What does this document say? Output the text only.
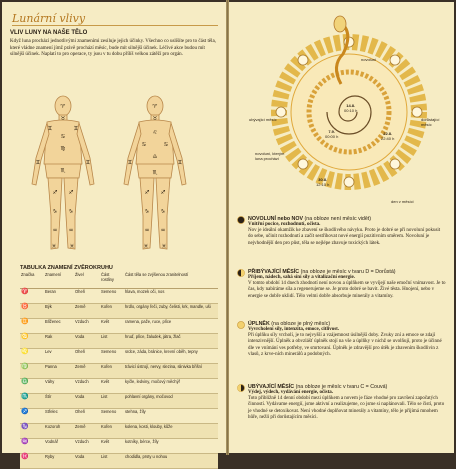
Lunární vlivy
VLIV LUNY NA NAŠE TĚLO

Když luna prochází jednotlivými znameními zesiluje jejich účinky. Všechno co uslíšíte pro to část těla, které vládne znamení jímž právě prochází měsíc, bude mít silnější účinek. Léčivé akce budou mít silnější účinek. Naplatí to pro operace, ty jsou v tu dobu přílíš velkou zátěží pro orgán.

♈
♉
♊	♊
♋
♍
♊	♊
♏
♐ ♐
♑ ♑
♒ ♒
♓ ♓
♈
♉
♌
♋	♋
♎
♊	♊
♏
♐ ♐
♑ ♑
♒ ♒
♓ ♓
TABULKA ZNAMENÍ ZVĚROKRUHU
Značka	Znamení	Živel	Část rostliny	Část těla se zvýšenou zranitelností
♈	Beran	Oheň	Semeno	hlava, mozek oči, nos
♉	Býk	Země	Kořen	hrdlo, orgány řeči, zuby, čelisti, krk, mandle, uši
♊	Blíženec	Vzduch	Květ	ramena, paže, ruce, plíce
♋	Rak	Voda	List	hruď, plíce, žaludek, játra, žlač
♌	Lev	Oheň	Semeno	srdce, záda, bránice, krevní oběh, tepny
♍	Panna	Země	Kořen	trávicí ústrojí, nervy, slezina, slinivka břišní
♎	Váhy	Vzduch	Květ	kyčle, ledviny, močový měchýř
♏	Štír	Voda	List	pohlavní orgány, močovod
♐	Střelec	Oheň	Semeno	stehna, žíly
♑	Kozoroh	Země	Kořen	kolena, kosti, klouby, kůže
♒	Vodnář	Vzduch	Květ	kotníky, bérce, žíly
♓	Ryby	Voda	List	chodidla, prsty u nohou
novoluní
ubývající měsíc	dorůstající měsíc
novoluní, kterým luna prochází
den v měsíci
14.8.
00:10 h
22.8.
22:40 h
30.8.
12:10 h
7.9.
00:00 h
NOVOLUNÍ nebo NOV (na obloze není měsíc vidět)
Vnitřní pocice, rozhodnutí, očista.

Nov je ideální okamžik ke zbavení se škodlivého návyku. Proto je dobré se při novoluní pokusit do sebe, učinit rozhodnutí a začít sestřihovat nové energií pozitivním směrem. Novoluní je nejvhodnější den pro půst, těla se nejlépe zbavuje toxických látek.

PŘIBÝVAJÍCÍ MĚSÍC (na obloze je měsíc v tvaru D = Dorůstá)
Příjem, nádech, sahá síní síly a vitalizační energie.

V tomto období 14 dnech zhodnotí není novou a úplňkem se vyvíjejí naše emoční vnímavost. Je to čas, kdy nabíráme síla a regenerujeme se. Je proto dobré se bavit. Živé těsta. Hnojení, nebo v energie se dobře uklidí. Tělo velmi dobře absorbuje minerály a vitamíny.

ÚPLNĚK (na obloze je plný měsíc)
Vyvrcholení síly, intenzita, emoce, citlivost.

Při úplňku síly vrcholí, je to nejvyšší a vzájemnost úsilnější doby. Zvuky zní a emoce se zdají intenzivnější. Úplněk a obvzlášť úplněk stojí na vše a úplňky v nichž se uvolňují, proto je účinné dle ve vnímání ves potřeby, ve smrtovaní. Úplněk je zdravější pro útěk je zbavením škodlivin z vlasů, z krve-ních minerálů a podobných.

UBÝVAJÍCÍ MĚSÍC (na obloze je měsíc v tvaru C = Couvá)
Výdej, výdech, vydávání energie, očista.

Toto přibližně 14 denní období mezi úplňkem a novem je fáze vhodné pro završení započatých činností. Vydávame energií, jsme aktivní a realizujeme, co jsme si naplánovali. Tělo se čistí, proto je vhodné se detoxikovat. Není vhodné doplňovat minerály a vitamíny, tělo je přijímá mnohem hůře, nežli při dorůstajícím měsíci.
